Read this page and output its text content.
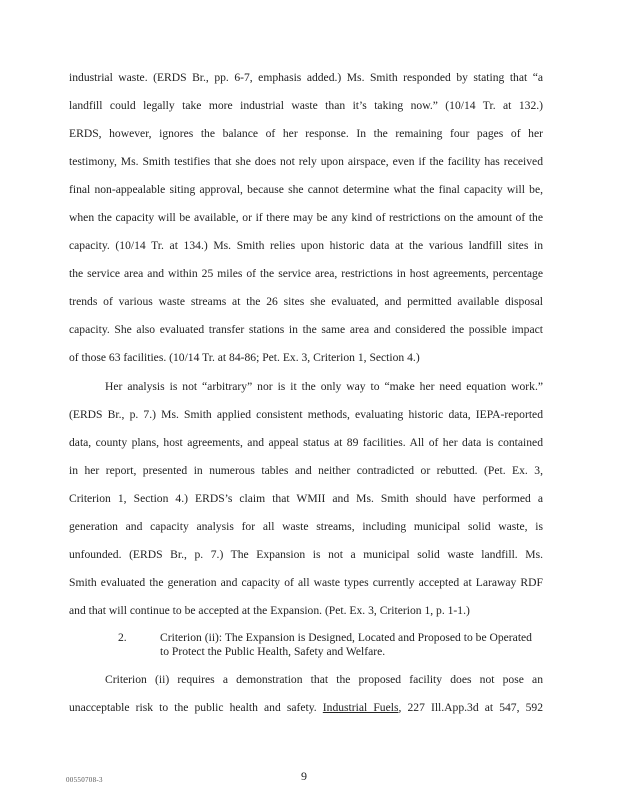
industrial waste. (ERDS Br., pp. 6-7, emphasis added.) Ms. Smith responded by stating that “a
landfill could legally take more industrial waste than it’s taking now.” (10/14 Tr. at 132.)
ERDS, however, ignores the balance of her response. In the remaining four pages of her
testimony, Ms. Smith testifies that she does not rely upon airspace, even if the facility has received
final non-appealable siting approval, because she cannot determine what the final capacity will be,
when the capacity will be available, or if there may be any kind of restrictions on the amount of the
capacity. (10/14 Tr. at 134.) Ms. Smith relies upon historic data at the various landfill sites in
the service area and within 25 miles of the service area, restrictions in host agreements, percentage
trends of various waste streams at the 26 sites she evaluated, and permitted available disposal
capacity. She also evaluated transfer stations in the same area and considered the possible impact
of those 63 facilities. (10/14 Tr. at 84-86; Pet. Ex. 3, Criterion 1, Section 4.)
Her analysis is not “arbitrary” nor is it the only way to “make her need equation work.”
(ERDS Br., p. 7.) Ms. Smith applied consistent methods, evaluating historic data, IEPA-reported
data, county plans, host agreements, and appeal status at 89 facilities. All of her data is contained
in her report, presented in numerous tables and neither contradicted or rebutted. (Pet. Ex. 3,
Criterion 1, Section 4.) ERDS’s claim that WMII and Ms. Smith should have performed a
generation and capacity analysis for all waste streams, including municipal solid waste, is
unfounded. (ERDS Br., p. 7.) The Expansion is not a municipal solid waste landfill. Ms.
Smith evaluated the generation and capacity of all waste types currently accepted at Laraway RDF
and that will continue to be accepted at the Expansion. (Pet. Ex. 3, Criterion 1, p. 1-1.)
2.	Criterion (ii): The Expansion is Designed, Located and Proposed to be Operated
to Protect the Public Health, Safety and Welfare.
Criterion (ii) requires a demonstration that the proposed facility does not pose an
unacceptable risk to the public health and safety. Industrial Fuels, 227 Ill.App.3d at 547, 592
00550708-3	9
